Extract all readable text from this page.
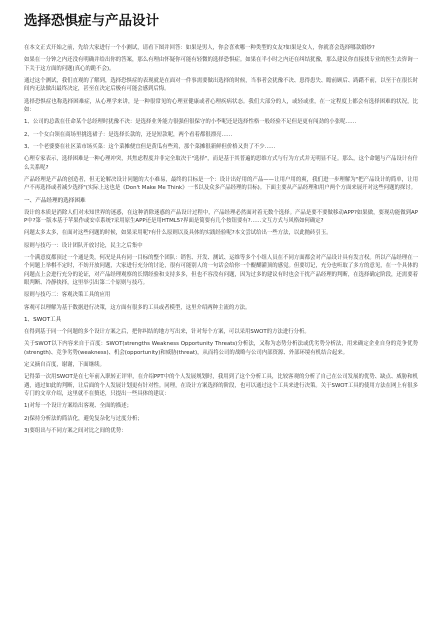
选择恐惧症与产品设计

在本文正式开始之前，先给大家进行一个小测试，请看下图并回答：如果是男人，你会喜欢哪一种类型的女友?如果是女人，你就喜会选择哪款婚纱?

如果在一分钟之内还没有明确并给出你的答案，那么有理由怀疑你可能有轻微的选择恐惧症。如果在半小时之内还在纠结犹豫，那么建议你直接找专业的医生去咨询一下关于这方面的问题(真心的跪不会)。

通过这个测试，我们直观的了解到，选择恐惧症的表现就是在面对一件事需要做出选择的时候，当事者会犹豫不决、患得患失、瞻前顾后、踌躇不前，以至于在很长时间内无法做出最终决定，甚至在决定后极有可能会感到后悔。

选择恐惧症也称选择困难症，从心理学来讲，是一种很常见的心理亚健康或者心理疾病状态。我们大部分的人，或轻或重，在一定程度上都会有选择困难的状况，比如：

1、公司的总裁在任命某个总经理时犹豫不决：是选择业务能力很强但很保守的小李呢还是选择性格一般经验不足但是更有闯劲的小张呢……

2、一个女白领在商场里挑选裙子：是选择长款的，还是短款呢，两个看着都很漂亮……

3、一个老婆婆在社区菜市场买菜：这个菜摊便宜但是黄瓜有些蔫，那个菜摊很新鲜但价格又贵了不少……

心理专家表示，选择困难是一种心理冲突，其焦虑程度并非完全取决于"选择"，而是基于其普遍的思维方式与行为方式并无明显不足。那么，这个命题与产品设计有什么关系呢?

产品经理是产品的创造者，但无论解决设计问题的大小难易，最终的目标是一个：设计出好用的产品——让用户用的爽，我们进一步理解为"把产品设计的简单，让用户不再选择或者减少选择"(实际上这也是《Don't Make Me Think》一书以及众多产品经理的目标)。下面主要从产品经理和用户两个方面来展开对这些问题的探讨。

一、产品经理的选择困难

设计的本质是消除人们对未知世界的迷惑，在这种消除迷惑的产品设计过程中，产品经理必然面对着无数个选择。产品是要不要做移动APP?如果做，要现功能做到APP中?第一版本基于苹果作或安卓系统?采用原生APP还是用HTML5?界面是简要有几个按钮要有?……文互方式与风格如何确定?

问题太多太多，在面对这些问题的时候，如果采用呢?有什么原则以及具体的实践经验呢?本文尝试给出一些方法，以此抛砖引玉。

原则与技巧一：设计团队开放讨论，民主之后集中

一个满意度都顶过一个通是类，何况是具有同一目标的整个团队：销售、开发、测试、运维等多个小组人员在不同方面都会对产品设计具有发言权。所以产品经理在一个问题上举棋不定时，不妨开放问题，大家进行充分的讨论，很有可能别人的一句话会给你一个醍醐灌顶的感觉。但要切记，充分也听取了多方的意见，在一个具体的问题点上会进行充分的论证，对产品经理观察的长期经验和支持多多，但也不容没有问题，因为过多的建议有时也会干扰产品经理的判断，在选择确定阶段，还需要着眼判断、冷静抉择，这里举引出第二个原则与技巧。

原则与技巧二：客观决策工具的应用

客观可以理解为基于数据进行决策，这方面有很多的工具或者模型，这里介绍两种主流的方法。

1、SWOT工具

在得到基于同一个问题的多个设计方案之后，把你纠结的地方写出来，针对每个方案，可以采用SWOT的方法进行分析。

关于SWOT以下内容来自于百度：SWOT(strengths Weakness Opportunity Threats)分析法，又称为态势分析法或优劣势分析法，用来确定企业自身的竞争优势(strength)、竞争劣势(weakness)、机会(opportunity)和威胁(threat)，从而将公司的战略与公司内部资源、外部环境有机结合起来。

定义摘自百度，谢谢，下面继续。

记得第一次用SWOT是在七年前入职转正评审，在介绍PPT中的个人发展规划时，我用到了这个分析工具，比较客观的分析了自己在公司发展的优势、缺点、威胁和机遇，通过如此的判断，让后面的个人发展计划更有针对性。同理，在设计方案选择的阶段，也可以通过这个工具来进行决策。关于SWOT工具的使用方法在网上有很多专门的文章介绍，这里就不在赘述，只提出一些具体的建议：

1)对每一个设计方案给出客观、全面的描述；

2)保持分析法的简洁化，避免复杂化与过度分析；

3)要组出与不同方案之间对比之间的优势：
